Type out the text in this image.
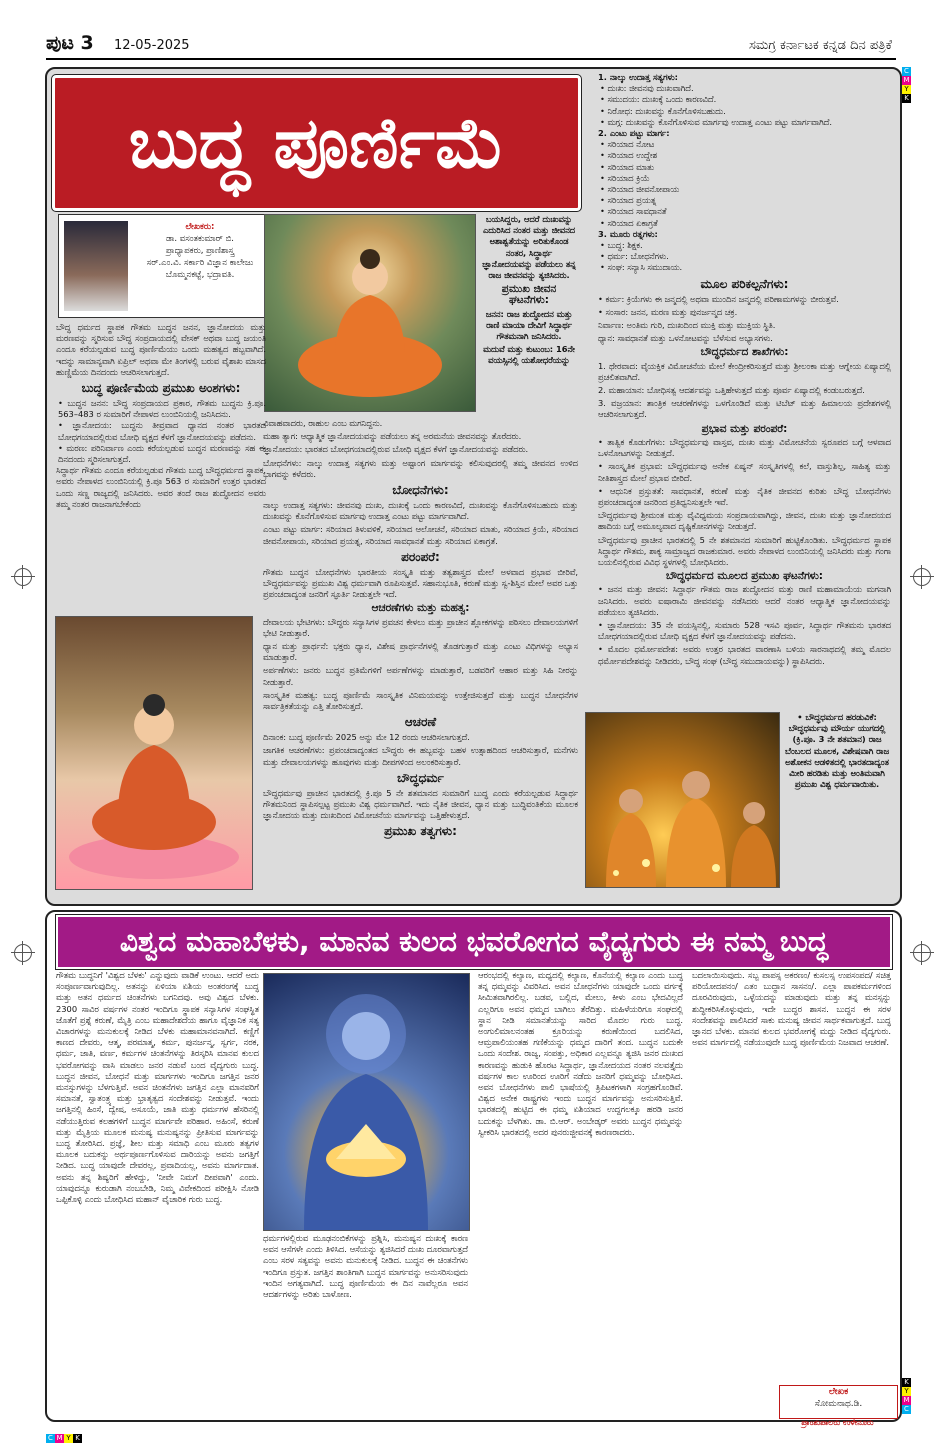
ಪುಟ 3 12-05-2025	ಸಮಗ್ರ ಕರ್ನಾಟಕ ಕನ್ನಡ ದಿನ ಪತ್ರಿಕೆ
C
M
Y
K
K
Y
M
C
C M Y K
ಬುದ್ಧ ಪೂರ್ಣಿಮೆ
ಲೇಖಕರು:
ಡಾ. ವಸಂತಕುಮಾರ್ ಬಿ.
ಪ್ರಾಧ್ಯಾಪಕರು, ಪ್ರಾಣಿಶಾಸ್ತ್ರ
ಸರ್.ಎಂ.ವಿ. ಸರ್ಕಾರಿ ವಿಜ್ಞಾನ ಕಾಲೇಜು
ಬೊಮ್ಮನಕಟ್ಟೆ, ಭದ್ರಾವತಿ.

ಬಯಸಿದ್ದರು, ಆದರೆ ದುಃಖವನ್ನು ಎದುರಿಸಿದ ನಂತರ ಮತ್ತು ಜೀವನದ ಅಶಾಶ್ವತೆಯನ್ನು ಅರಿತುಕೊಂಡ ನಂತರ, ಸಿದ್ಧಾರ್ಥ ಜ್ಞಾನೋದಯವನ್ನು ಪಡೆಯಲು ತನ್ನ ರಾಜ ಜೀವನವನ್ನು ತ್ಯಜಿಸಿದರು.

ಪ್ರಮುಖ ಜೀವನ ಘಟನೆಗಳು:

ಜನನ: ರಾಜ ಶುದ್ಧೋದನ ಮತ್ತು ರಾಣಿ ಮಾಯಾ ದೇವಿಗೆ ಸಿದ್ಧಾರ್ಥ ಗೌತಮನಾಗಿ ಜನಿಸಿದರು.

ಮದುವೆ ಮತ್ತು ಕುಟುಂಬ: 16ನೇ ವಯಸ್ಸಿನಲ್ಲಿ ಯಶೋಧರೆಯನ್ನು

ಬೌದ್ಧ ಧರ್ಮದ ಸ್ಥಾಪಕ ಗೌತಮ ಬುದ್ಧನ ಜನನ, ಜ್ಞಾನೋದಯ ಮತ್ತು ಮರಣವನ್ನು ಸ್ಮರಿಸುವ ಬೌದ್ಧ ಸಂಪ್ರದಾಯದಲ್ಲಿ ವೇಸಕ್ ಅಥವಾ ಬುದ್ಧ ಜಯಂತಿ ಎಂದೂ ಕರೆಯಲ್ಪಡುವ ಬುದ್ಧ ಪೂರ್ಣಿಮೆಯು ಒಂದು ಮಹತ್ವದ ಹಬ್ಬವಾಗಿದೆ. ಇದನ್ನು ಸಾಮಾನ್ಯವಾಗಿ ಏಪ್ರಿಲ್ ಅಥವಾ ಮೇ ತಿಂಗಳಲ್ಲಿ ಬರುವ ವೈಶಾಖ ಮಾಸದ ಹುಣ್ಣಿಮೆಯ ದಿನದಂದು ಆಚರಿಸಲಾಗುತ್ತದೆ.

ಬುದ್ಧ ಪೂರ್ಣಿಮೆಯ ಪ್ರಮುಖ ಅಂಶಗಳು:
• ಬುದ್ಧನ ಜನನ: ಬೌದ್ಧ ಸಂಪ್ರದಾಯದ ಪ್ರಕಾರ, ಗೌತಮ ಬುದ್ಧನು ಕ್ರಿ.ಪೂ. 563–483 ರ ಸುಮಾರಿಗೆ ನೇಪಾಳದ ಲುಂಬಿನಿಯಲ್ಲಿ ಜನಿಸಿದನು.
• ಜ್ಞಾನೋದಯ: ಬುದ್ಧನು ತೀವ್ರವಾದ ಧ್ಯಾನದ ನಂತರ ಭಾರತದ ಬೋಧಗಯಾದಲ್ಲಿರುವ ಬೋಧಿ ವೃಕ್ಷದ ಕೆಳಗೆ ಜ್ಞಾನೋದಯವನ್ನು ಪಡೆದನು.
• ಮರಣ: ಪರಿನಿರ್ವಾಣ ಎಂದು ಕರೆಯಲ್ಪಡುವ ಬುದ್ಧನ ಮರಣವನ್ನು ಸಹ ಈ ದಿನದಂದು ಸ್ಮರಿಸಲಾಗುತ್ತದೆ.

ಸಿದ್ಧಾರ್ಥ ಗೌತಮ ಎಂದೂ ಕರೆಯಲ್ಪಡುವ ಗೌತಮ ಬುದ್ಧ ಬೌದ್ಧಧರ್ಮದ ಸ್ಥಾಪಕ. ಅವರು ನೇಪಾಳದ ಲುಂಬಿನಿಯಲ್ಲಿ ಕ್ರಿ.ಪೂ 563 ರ ಸುಮಾರಿಗೆ ಉತ್ತರ ಭಾರತದ ಒಂದು ಸಣ್ಣ ರಾಜ್ಯದಲ್ಲಿ ಜನಿಸಿದರು. ಅವರ ತಂದೆ ರಾಜ ಶುದ್ಧೋದನ ಅವರು ತಮ್ಮ ನಂತರ ರಾಜನಾಗಬೇಕೆಂದು

ವಿವಾಹವಾದರು, ರಾಹುಲ ಎಂಬ ಮಗನಿದ್ದನು.

ಮಹಾ ತ್ಯಾಗ: ಆಧ್ಯಾತ್ಮಿಕ ಜ್ಞಾನೋದಯವನ್ನು ಪಡೆಯಲು ತನ್ನ ಅರಮನೆಯ ಜೀವನವನ್ನು ತೊರೆದರು.

ಜ್ಞಾನೋದಯ: ಭಾರತದ ಬೋಧಗಯಾದಲ್ಲಿರುವ ಬೋಧಿ ವೃಕ್ಷದ ಕೆಳಗೆ ಜ್ಞಾನೋದಯವನ್ನು ಪಡೆದರು.

ಬೋಧನೆಗಳು: ನಾಲ್ಕು ಉದಾತ್ತ ಸತ್ಯಗಳು ಮತ್ತು ಅಷ್ಟಾಂಗ ಮಾರ್ಗವನ್ನು ಕಲಿಸುವುದರಲ್ಲಿ ತಮ್ಮ ಜೀವನದ ಉಳಿದ ಭಾಗವನ್ನು ಕಳೆದರು.

ಬೋಧನೆಗಳು:

ನಾಲ್ಕು ಉದಾತ್ತ ಸತ್ಯಗಳು: ಜೀವನವು ದುಃಖ, ದುಃಖಕ್ಕೆ ಒಂದು ಕಾರಣವಿದೆ, ದುಃಖವನ್ನು ಕೊನೆಗೊಳಿಸಬಹುದು ಮತ್ತು ದುಃಖವನ್ನು ಕೊನೆಗೊಳಿಸುವ ಮಾರ್ಗವು ಉದಾತ್ತ ಎಂಟು ಪಟ್ಟು ಮಾರ್ಗವಾಗಿದೆ.

ಎಂಟು ಪಟ್ಟು ಮಾರ್ಗ: ಸರಿಯಾದ ತಿಳುವಳಿಕೆ, ಸರಿಯಾದ ಆಲೋಚನೆ, ಸರಿಯಾದ ಮಾತು, ಸರಿಯಾದ ಕ್ರಿಯೆ, ಸರಿಯಾದ ಜೀವನೋಪಾಯ, ಸರಿಯಾದ ಪ್ರಯತ್ನ, ಸರಿಯಾದ ಸಾವಧಾನತೆ ಮತ್ತು ಸರಿಯಾದ ಏಕಾಗ್ರತೆ.

ಪರಂಪರೆ:

ಗೌತಮ ಬುದ್ಧನ ಬೋಧನೆಗಳು ಭಾರತೀಯ ಸಂಸ್ಕೃತಿ ಮತ್ತು ತತ್ವಶಾಸ್ತ್ರದ ಮೇಲೆ ಅಳವಾದ ಪ್ರಭಾವ ಬೀರಿವೆ, ಬೌದ್ಧಧರ್ಮವನ್ನು ಪ್ರಮುಖ ವಿಶ್ವ ಧರ್ಮವಾಗಿ ರೂಪಿಸುತ್ತವೆ. ಸಹಾನುಭೂತಿ, ಕರುಣೆ ಮತ್ತು ಸ್ವ-ಶಿಸ್ತಿನ ಮೇಲೆ ಅವರ ಒತ್ತು ಪ್ರಪಂಚದಾದ್ಯಂತ ಜನರಿಗೆ ಸ್ಫೂರ್ತಿ ನೀಡುತ್ತಲೇ ಇದೆ.

ಆಚರಣೆಗಳು ಮತ್ತು ಮಹತ್ವ:

ದೇವಾಲಯ ಭೇಟಿಗಳು: ಬೌದ್ಧರು ಸನ್ಯಾಸಿಗಳ ಪ್ರವಚನ ಕೇಳಲು ಮತ್ತು ಪ್ರಾಚೀನ ಶ್ಲೋಕಗಳನ್ನು ಪಠಿಸಲು ದೇವಾಲಯಗಳಿಗೆ ಭೇಟಿ ನೀಡುತ್ತಾರೆ.

ಧ್ಯಾನ ಮತ್ತು ಪ್ರಾರ್ಥನೆ: ಭಕ್ತರು ಧ್ಯಾನ, ವಿಶೇಷ ಪ್ರಾರ್ಥನೆಗಳಲ್ಲಿ ತೊಡಗುತ್ತಾರೆ ಮತ್ತು ಎಂಟು ವಿಧಿಗಳನ್ನು ಅಭ್ಯಾಸ ಮಾಡುತ್ತಾರೆ.

ಅರ್ಪಣೆಗಳು: ಜನರು ಬುದ್ಧನ ಪ್ರತಿಮೆಗಳಿಗೆ ಅರ್ಪಣೆಗಳನ್ನು ಮಾಡುತ್ತಾರೆ, ಬಡವರಿಗೆ ಆಹಾರ ಮತ್ತು ಸಿಹಿ ನೀರನ್ನು ನೀಡುತ್ತಾರೆ.

ಸಾಂಸ್ಕೃತಿಕ ಮಹತ್ವ: ಬುದ್ಧ ಪೂರ್ಣಿಮೆ ಸಾಂಸ್ಕೃತಿಕ ವಿನಿಮಯವನ್ನು ಉತ್ತೇಜಿಸುತ್ತದೆ ಮತ್ತು ಬುದ್ಧನ ಬೋಧನೆಗಳ ಸಾರ್ವತ್ರಿಕತೆಯನ್ನು ಎತ್ತಿ ತೋರಿಸುತ್ತದೆ.

ಆಚರಣೆ

ದಿನಾಂಕ: ಬುದ್ಧ ಪೂರ್ಣಿಮೆ 2025 ಅನ್ನು ಮೇ 12 ರಂದು ಆಚರಿಸಲಾಗುತ್ತದೆ.

ಜಾಗತಿಕ ಆಚರಣೆಗಳು: ಪ್ರಪಂಚದಾದ್ಯಂತದ ಬೌದ್ಧರು ಈ ಹಬ್ಬವನ್ನು ಬಹಳ ಉತ್ಸಾಹದಿಂದ ಆಚರಿಸುತ್ತಾರೆ, ಮನೆಗಳು ಮತ್ತು ದೇವಾಲಯಗಳನ್ನು ಹೂವುಗಳು ಮತ್ತು ದೀಪಗಳಿಂದ ಅಲಂಕರಿಸುತ್ತಾರೆ.

ಬೌದ್ಧಧರ್ಮ

ಬೌದ್ಧಧರ್ಮವು ಪ್ರಾಚೀನ ಭಾರತದಲ್ಲಿ ಕ್ರಿ.ಪೂ 5 ನೇ ಶತಮಾನದ ಸುಮಾರಿಗೆ ಬುದ್ಧ ಎಂದು ಕರೆಯಲ್ಪಡುವ ಸಿದ್ಧಾರ್ಥ ಗೌತಮನಿಂದ ಸ್ಥಾಪಿಸಲ್ಪಟ್ಟ ಪ್ರಮುಖ ವಿಶ್ವ ಧರ್ಮವಾಗಿದೆ. ಇದು ನೈತಿಕ ಜೀವನ, ಧ್ಯಾನ ಮತ್ತು ಬುದ್ಧಿವಂತಿಕೆಯ ಮೂಲಕ ಜ್ಞಾನೋದಯ ಮತ್ತು ದುಃಖದಿಂದ ವಿಮೋಚನೆಯ ಮಾರ್ಗವನ್ನು ಒತ್ತಿಹೇಳುತ್ತದೆ.

ಪ್ರಮುಖ ತತ್ವಗಳು:
1. ನಾಲ್ಕು ಉದಾತ್ತ ಸತ್ಯಗಳು:
• ದುಃಖ: ಜೀವನವು ದುಃಖವಾಗಿದೆ.
• ಸಮುದಯ: ದುಃಖಕ್ಕೆ ಒಂದು ಕಾರಣವಿದೆ.
• ನಿರೋಧ: ದುಃಖವನ್ನು ಕೊನೆಗೊಳಿಸಬಹುದು.
• ಮಗ್ಗ: ದುಃಖವನ್ನು ಕೊನೆಗೊಳಿಸುವ ಮಾರ್ಗವು ಉದಾತ್ತ ಎಂಟು ಪಟ್ಟು ಮಾರ್ಗವಾಗಿದೆ.
2. ಎಂಟು ಪಟ್ಟು ಮಾರ್ಗ:
• ಸರಿಯಾದ ನೋಟ
• ಸರಿಯಾದ ಉದ್ದೇಶ
• ಸರಿಯಾದ ಮಾತು
• ಸರಿಯಾದ ಕ್ರಿಯೆ
• ಸರಿಯಾದ ಜೀವನೋಪಾಯ
• ಸರಿಯಾದ ಪ್ರಯತ್ನ
• ಸರಿಯಾದ ಸಾವಧಾನತೆ
• ಸರಿಯಾದ ಏಕಾಗ್ರತೆ
3. ಮೂರು ರತ್ನಗಳು:
• ಬುದ್ಧ: ಶಿಕ್ಷಕ.
• ಧರ್ಮ: ಬೋಧನೆಗಳು.
• ಸಂಘ: ಸನ್ಯಾಸಿ ಸಮುದಾಯ.
ಮೂಲ ಪರಿಕಲ್ಪನೆಗಳು:

• ಕರ್ಮ: ಕ್ರಿಯೆಗಳು ಈ ಜನ್ಮದಲ್ಲಿ ಅಥವಾ ಮುಂದಿನ ಜನ್ಮದಲ್ಲಿ ಪರಿಣಾಮಗಳನ್ನು ಬೀರುತ್ತವೆ.

• ಸಂಸಾರ: ಜನನ, ಮರಣ ಮತ್ತು ಪುನರ್ಜನ್ಮದ ಚಕ್ರ.

ನಿರ್ವಾಣ: ಅಂತಿಮ ಗುರಿ, ದುಃಖದಿಂದ ಮುಕ್ತಿ ಮತ್ತು ಮುಕ್ತಿಯ ಸ್ಥಿತಿ.

ಧ್ಯಾನ: ಸಾವಧಾನತೆ ಮತ್ತು ಒಳನೋಟವನ್ನು ಬೆಳೆಸುವ ಅಭ್ಯಾಸಗಳು.

ಬೌದ್ಧಧರ್ಮದ ಶಾಖೆಗಳು:

1. ಥೇರವಾದ: ವೈಯಕ್ತಿಕ ವಿಮೋಚನೆಯ ಮೇಲೆ ಕೇಂದ್ರೀಕರಿಸುತ್ತದೆ ಮತ್ತು ಶ್ರೀಲಂಕಾ ಮತ್ತು ಆಗ್ನೇಯ ಏಷ್ಯಾದಲ್ಲಿ ಪ್ರಚಲಿತವಾಗಿದೆ.

2. ಮಹಾಯಾನ: ಬೋಧಿಸತ್ವ ಆದರ್ಶವನ್ನು ಒತ್ತಿಹೇಳುತ್ತದೆ ಮತ್ತು ಪೂರ್ವ ಏಷ್ಯಾದಲ್ಲಿ ಕಂಡುಬರುತ್ತದೆ.

3. ವಜ್ರಯಾನ: ತಾಂತ್ರಿಕ ಆಚರಣೆಗಳನ್ನು ಒಳಗೊಂಡಿದೆ ಮತ್ತು ಟಿಬೆಟ್ ಮತ್ತು ಹಿಮಾಲಯ ಪ್ರದೇಶಗಳಲ್ಲಿ ಆಚರಿಸಲಾಗುತ್ತದೆ.

ಪ್ರಭಾವ ಮತ್ತು ಪರಂಪರೆ:

• ತಾತ್ವಿಕ ಕೊಡುಗೆಗಳು: ಬೌದ್ಧಧರ್ಮವು ವಾಸ್ತವ, ದುಃಖ ಮತ್ತು ವಿಮೋಚನೆಯ ಸ್ವರೂಪದ ಬಗ್ಗೆ ಆಳವಾದ ಒಳನೋಟಗಳನ್ನು ನೀಡುತ್ತದೆ.

• ಸಾಂಸ್ಕೃತಿಕ ಪ್ರಭಾವ: ಬೌದ್ಧಧರ್ಮವು ಅನೇಕ ಏಷ್ಯನ್ ಸಂಸ್ಕೃತಿಗಳಲ್ಲಿ ಕಲೆ, ವಾಸ್ತುಶಿಲ್ಪ, ಸಾಹಿತ್ಯ ಮತ್ತು ನೀತಿಶಾಸ್ತ್ರದ ಮೇಲೆ ಪ್ರಭಾವ ಬೀರಿದೆ.

• ಆಧುನಿಕ ಪ್ರಸ್ತುತತೆ: ಸಾವಧಾನತೆ, ಕರುಣೆ ಮತ್ತು ನೈತಿಕ ಜೀವನದ ಕುರಿತು ಬೌದ್ಧ ಬೋಧನೆಗಳು ಪ್ರಪಂಚದಾದ್ಯಂತ ಜನರಿಂದ ಪ್ರತಿಧ್ವನಿಸುತ್ತಲೇ ಇವೆ.

ಬೌದ್ಧಧರ್ಮವು ಶ್ರೀಮಂತ ಮತ್ತು ವೈವಿಧ್ಯಮಯ ಸಂಪ್ರದಾಯವಾಗಿದ್ದು, ಜೀವನ, ದುಃಖ ಮತ್ತು ಜ್ಞಾನೋದಯದ ಹಾದಿಯ ಬಗ್ಗೆ ಅಮೂಲ್ಯವಾದ ದೃಷ್ಟಿಕೋನಗಳನ್ನು ನೀಡುತ್ತದೆ.

ಬೌದ್ಧಧರ್ಮವು ಪ್ರಾಚೀನ ಭಾರತದಲ್ಲಿ 5 ನೇ ಶತಮಾನದ ಸುಮಾರಿಗೆ ಹುಟ್ಟಿಕೊಂಡಿತು. ಬೌದ್ಧಧರ್ಮದ ಸ್ಥಾಪಕ ಸಿದ್ಧಾರ್ಥ ಗೌತಮ, ಶಾಕ್ಯ ಸಾಮ್ರಾಜ್ಯದ ರಾಜಕುಮಾರ. ಅವರು ನೇಪಾಳದ ಲುಂಬಿನಿಯಲ್ಲಿ ಜನಿಸಿದರು ಮತ್ತು ಗಂಗಾ ಬಯಲಿನಲ್ಲಿರುವ ವಿವಿಧ ಸ್ಥಳಗಳಲ್ಲಿ ಬೋಧಿಸಿದರು.

ಬೌದ್ಧಧರ್ಮದ ಮೂಲದ ಪ್ರಮುಖ ಘಟನೆಗಳು:

• ಜನನ ಮತ್ತು ಜೀವನ: ಸಿದ್ಧಾರ್ಥ ಗೌತಮ ರಾಜ ಶುದ್ಧೋದನ ಮತ್ತು ರಾಣಿ ಮಹಾಮಾಯೆಯ ಮಗನಾಗಿ ಜನಿಸಿದರು. ಅವರು ಐಷಾರಾಮಿ ಜೀವನವನ್ನು ನಡೆಸಿದರು ಆದರೆ ನಂತರ ಆಧ್ಯಾತ್ಮಿಕ ಜ್ಞಾನೋದಯವನ್ನು ಪಡೆಯಲು ತ್ಯಜಿಸಿದರು.

• ಜ್ಞಾನೋದಯ: 35 ನೇ ವಯಸ್ಸಿನಲ್ಲಿ, ಸುಮಾರು 528 ಇಸವಿ ಪೂರ್ವ, ಸಿದ್ಧಾರ್ಥ ಗೌತಮನು ಭಾರತದ ಬೋಧಗಯಾದಲ್ಲಿರುವ ಬೋಧಿ ವೃಕ್ಷದ ಕೆಳಗೆ ಜ್ಞಾನೋದಯವನ್ನು ಪಡೆದನು.

• ಮೊದಲ ಧರ್ಮೋಪದೇಶ: ಅವರು ಉತ್ತರ ಭಾರತದ ವಾರಣಾಸಿ ಬಳಿಯ ಸಾರನಾಥದಲ್ಲಿ ತಮ್ಮ ಮೊದಲ ಧರ್ಮೋಪದೇಶವನ್ನು ನೀಡಿದರು, ಬೌದ್ಧ ಸಂಘ (ಬೌದ್ಧ ಸಮುದಾಯವನ್ನು) ಸ್ಥಾಪಿಸಿದರು.

• ಬೌದ್ಧಧರ್ಮದ ಹರಡುವಿಕೆ: ಬೌದ್ಧಧರ್ಮವು ಮೌರ್ಯ ಯುಗದಲ್ಲಿ (ಕ್ರಿ.ಪೂ. 3 ನೇ ಶತಮಾನ) ರಾಜ ಬೆಂಬಲದ ಮೂಲಕ, ವಿಶೇಷವಾಗಿ ರಾಜ ಅಶೋಕನ ಆಡಳಿತದಲ್ಲಿ ಭಾರತದಾದ್ಯಂತ ಮೀರಿ ಹರಡಿತು ಮತ್ತು ಅಂತಿಮವಾಗಿ ಪ್ರಮುಖ ವಿಶ್ವ ಧರ್ಮವಾಯಿತು.

ವಿಶ್ವದ ಮಹಾಬೆಳಕು, ಮಾನವ ಕುಲದ ಭವರೋಗದ ವೈದ್ಯಗುರು ಈ ನಮ್ಮ ಬುದ್ಧ

ಗೌತಮ ಬುದ್ಧನಿಗೆ 'ವಿಶ್ವದ ಬೆಳಕು' ಎನ್ನುವುದು ವಾಡಿಕೆ ಉಂಟು. ಆದರೆ ಅದು ಸಂಪೂರ್ಣವಾಗುವುದಿಲ್ಲ. ಅತನನ್ನು ಏಳಿಯಾ ಏಶಿಯ ಅಂತರಂಗಕ್ಕೆ ಬುದ್ಧ ಮತ್ತು ಅತನ ಧರ್ಮದ ಚಿಂತನೆಗಳು ಬಗನಿದವು. ಅವು ವಿಶ್ವದ ಬೆಳಕು. 2300 ಸಾವಿರ ವರ್ಷಗಳ ನಂತರ ಇಂದಿಗೂ ಸ್ಥಾಪಕ ಸನ್ಯಾಸಿಗಳ ಸಂಘಸ್ಥಿತ ಜೊತೆಗೆ ಪ್ರಶ್ನೆ ಕರುಣೆ, ಮೈತ್ರಿ ಎಂಬ ಮಹಾದೇಶದೆಯ ಹಾಗೂ ವೈಜ್ಞಾನಿಕ ಸತ್ಯ ವಿಚಾರಗಳನ್ನು ಮನುಕುಲಕ್ಕೆ ನೀಡಿದ ಬೆಳಕು ಮಹಾಮಾನವನಾಗಿದೆ. ಕಣ್ಣಿಗೆ ಕಾಣದ ದೇವರು, ಆತ್ಮ, ಪರಮಾತ್ಮ, ಕರ್ಮ, ಪುನರ್ಜನ್ಮ, ಸ್ವರ್ಗ, ನರಕ, ಧರ್ಮ, ಜಾತಿ, ವರ್ಣ, ಕರ್ಮಗಳ ಚಿಂತನೆಗಳನ್ನು ತಿರಸ್ಕರಿಸಿ ಮಾನವ ಕುಲದ ಭವರೋಗವನ್ನು ವಾಸಿ ಮಾಡಲು ಜನರ ನಡುವೆ ಬಂದ ವೈದ್ಯಗುರು ಬುದ್ಧ. ಬುದ್ಧನ ಜೀವನ, ಬೋಧನೆ ಮತ್ತು ಮಾರ್ಗಗಳು ಇಂದಿಗೂ ಜಗತ್ತಿನ ಜನರ ಮನಸ್ಸುಗಳನ್ನು ಬೆಳಗುತ್ತಿವೆ. ಅವನ ಚಿಂತನೆಗಳು ಜಗತ್ತಿನ ಎಲ್ಲಾ ಮಾನವರಿಗೆ ಸಮಾನತೆ, ಸ್ವಾತಂತ್ರ್ಯ ಮತ್ತು ಭ್ರಾತೃತ್ವದ ಸಂದೇಶವನ್ನು ನೀಡುತ್ತವೆ. ಇಂದು ಜಗತ್ತಿನಲ್ಲಿ ಹಿಂಸೆ, ದ್ವೇಷ, ಅಸೂಯೆ, ಜಾತಿ ಮತ್ತು ಧರ್ಮಗಳ ಹೆಸರಿನಲ್ಲಿ ನಡೆಯುತ್ತಿರುವ ಕಲಹಗಳಿಗೆ ಬುದ್ಧನ ಮಾರ್ಗವೇ ಪರಿಹಾರ. ಅಹಿಂಸೆ, ಕರುಣೆ ಮತ್ತು ಮೈತ್ರಿಯ ಮೂಲಕ ಮನುಷ್ಯ ಮನುಷ್ಯನನ್ನು ಪ್ರೀತಿಸುವ ಮಾರ್ಗವನ್ನು ಬುದ್ಧ ತೋರಿಸಿದ. ಪ್ರಜ್ಞೆ, ಶೀಲ ಮತ್ತು ಸಮಾಧಿ ಎಂಬ ಮೂರು ತತ್ವಗಳ ಮೂಲಕ ಬದುಕನ್ನು ಅರ್ಥಪೂರ್ಣಗೊಳಿಸುವ ದಾರಿಯನ್ನು ಅವನು ಜಗತ್ತಿಗೆ ನೀಡಿದ. ಬುದ್ಧ ಯಾವುದೇ ದೇವರಲ್ಲ, ಪ್ರವಾದಿಯಲ್ಲ, ಅವನು ಮಾರ್ಗದಾತ. ಅವನು ತನ್ನ ಶಿಷ್ಯರಿಗೆ ಹೇಳಿದ್ದು, 'ನೀವೇ ನಿಮಗೆ ದೀಪವಾಗಿ' ಎಂದು. ಯಾವುದನ್ನೂ ಕುರುಡಾಗಿ ನಂಬಬೇಡಿ, ನಿಮ್ಮ ವಿವೇಕದಿಂದ ಪರೀಕ್ಷಿಸಿ ನೋಡಿ ಒಪ್ಪಿಕೊಳ್ಳಿ ಎಂದು ಬೋಧಿಸಿದ ಮಹಾನ್ ವೈಚಾರಿಕ ಗುರು ಬುದ್ಧ.

ಧರ್ಮಗಳಲ್ಲಿರುವ ಮೂಢನಂಬಿಕೆಗಳನ್ನು ಪ್ರಶ್ನಿಸಿ, ಮನುಷ್ಯನ ದುಃಖಕ್ಕೆ ಕಾರಣ ಅವನ ಆಸೆಗಳೇ ಎಂದು ತಿಳಿಸಿದ. ಆಸೆಯನ್ನು ತ್ಯಜಿಸಿದರೆ ದುಃಖ ದೂರವಾಗುತ್ತದೆ ಎಂಬ ಸರಳ ಸತ್ಯವನ್ನು ಅವನು ಮನುಕುಲಕ್ಕೆ ನೀಡಿದ. ಬುದ್ಧನ ಈ ಚಿಂತನೆಗಳು ಇಂದಿಗೂ ಪ್ರಸ್ತುತ. ಜಗತ್ತಿನ ಶಾಂತಿಗಾಗಿ ಬುದ್ಧನ ಮಾರ್ಗವನ್ನು ಅನುಸರಿಸುವುದು ಇಂದಿನ ಅಗತ್ಯವಾಗಿದೆ. ಬುದ್ಧ ಪೂರ್ಣಿಮೆಯ ಈ ದಿನ ನಾವೆಲ್ಲರೂ ಅವನ ಆದರ್ಶಗಳನ್ನು ಅರಿತು ಬಾಳೋಣ.

ಆರಂಭದಲ್ಲಿ ಕಲ್ಯಾಣ, ಮಧ್ಯದಲ್ಲಿ ಕಲ್ಯಾಣ, ಕೊನೆಯಲ್ಲಿ ಕಲ್ಯಾಣ ಎಂದು ಬುದ್ಧ ತನ್ನ ಧಮ್ಮವನ್ನು ವಿವರಿಸಿದ. ಅವನ ಬೋಧನೆಗಳು ಯಾವುದೇ ಒಂದು ವರ್ಗಕ್ಕೆ ಸೀಮಿತವಾಗಿರಲಿಲ್ಲ. ಬಡವ, ಬಲ್ಲಿದ, ಮೇಲು, ಕೀಳು ಎಂಬ ಭೇದವಿಲ್ಲದೆ ಎಲ್ಲರಿಗೂ ಅವನ ಧಮ್ಮದ ಬಾಗಿಲು ತೆರೆದಿತ್ತು. ಮಹಿಳೆಯರಿಗೂ ಸಂಘದಲ್ಲಿ ಸ್ಥಾನ ನೀಡಿ ಸಮಾನತೆಯನ್ನು ಸಾರಿದ ಮೊದಲ ಗುರು ಬುದ್ಧ. ಅಂಗುಲಿಮಾಲನಂತಹ ಕ್ರೂರಿಯನ್ನು ಕರುಣೆಯಿಂದ ಬದಲಿಸಿದ, ಆಮ್ರಪಾಲಿಯಂತಹ ಗಣಿಕೆಯನ್ನು ಧಮ್ಮದ ದಾರಿಗೆ ತಂದ. ಬುದ್ಧನ ಬದುಕೇ ಒಂದು ಸಂದೇಶ. ರಾಜ್ಯ, ಸಂಪತ್ತು, ಅಧಿಕಾರ ಎಲ್ಲವನ್ನೂ ತ್ಯಜಿಸಿ ಜನರ ದುಃಖದ ಕಾರಣವನ್ನು ಹುಡುಕಿ ಹೊರಟ ಸಿದ್ಧಾರ್ಥ, ಜ್ಞಾನೋದಯದ ನಂತರ ನಲವತ್ತೈದು ವರ್ಷಗಳ ಕಾಲ ಊರಿಂದ ಊರಿಗೆ ನಡೆದು ಜನರಿಗೆ ಧಮ್ಮವನ್ನು ಬೋಧಿಸಿದ. ಅವನ ಬೋಧನೆಗಳು ಪಾಲಿ ಭಾಷೆಯಲ್ಲಿ ತ್ರಿಪಿಟಕಗಳಾಗಿ ಸಂಗ್ರಹಗೊಂಡಿವೆ. ವಿಶ್ವದ ಅನೇಕ ರಾಷ್ಟ್ರಗಳು ಇಂದು ಬುದ್ಧನ ಮಾರ್ಗವನ್ನು ಅನುಸರಿಸುತ್ತಿವೆ. ಭಾರತದಲ್ಲಿ ಹುಟ್ಟಿದ ಈ ಧಮ್ಮ ಏಶಿಯಾದ ಉದ್ದಗಲಕ್ಕೂ ಹರಡಿ ಜನರ ಬದುಕನ್ನು ಬೆಳಗಿತು. ಡಾ. ಬಿ.ಆರ್. ಅಂಬೇಡ್ಕರ್ ಅವರು ಬುದ್ಧನ ಧಮ್ಮವನ್ನು ಸ್ವೀಕರಿಸಿ ಭಾರತದಲ್ಲಿ ಅದರ ಪುನರುಜ್ಜೀವನಕ್ಕೆ ಕಾರಣರಾದರು.

ಬದಲಾಯಿಸುವುದು. ಸಬ್ಬ ಪಾಪಸ್ಸ ಅಕರಣಂ/ ಕುಸಲಸ್ಸ ಉಪಸಂಪದ/ ಸಚಿತ್ತ ಪರಿಯೋದಪನಂ/ ಎತಂ ಬುದ್ಧಾನ ಸಾಸನಂ/. ಎಲ್ಲಾ ಪಾಪಕರ್ಮಗಳಿಂದ ದೂರವಿರುವುದು, ಒಳ್ಳೆಯದನ್ನು ಮಾಡುವುದು ಮತ್ತು ತನ್ನ ಮನಸ್ಸನ್ನು ಶುದ್ಧೀಕರಿಸಿಕೊಳ್ಳುವುದು, ಇದೇ ಬುದ್ಧರ ಶಾಸನ. ಬುದ್ಧನ ಈ ಸರಳ ಸಂದೇಶವನ್ನು ಪಾಲಿಸಿದರೆ ಸಾಕು ಮನುಷ್ಯ ಜೀವನ ಸಾರ್ಥಕವಾಗುತ್ತದೆ. ಬುದ್ಧ ಜ್ಞಾನದ ಬೆಳಕು. ಮಾನವ ಕುಲದ ಭವರೋಗಕ್ಕೆ ಮದ್ದು ನೀಡಿದ ವೈದ್ಯಗುರು. ಅವನ ಮಾರ್ಗದಲ್ಲಿ ನಡೆಯುವುದೇ ಬುದ್ಧ ಪೂರ್ಣಿಮೆಯ ನಿಜವಾದ ಆಚರಣೆ.

ಲೇಖಕ
ಸೋಮನಾಥ.ಡಿ.
ಪ್ರಾಂಶುಪಾಲರು ಉಳೇನೂರು
